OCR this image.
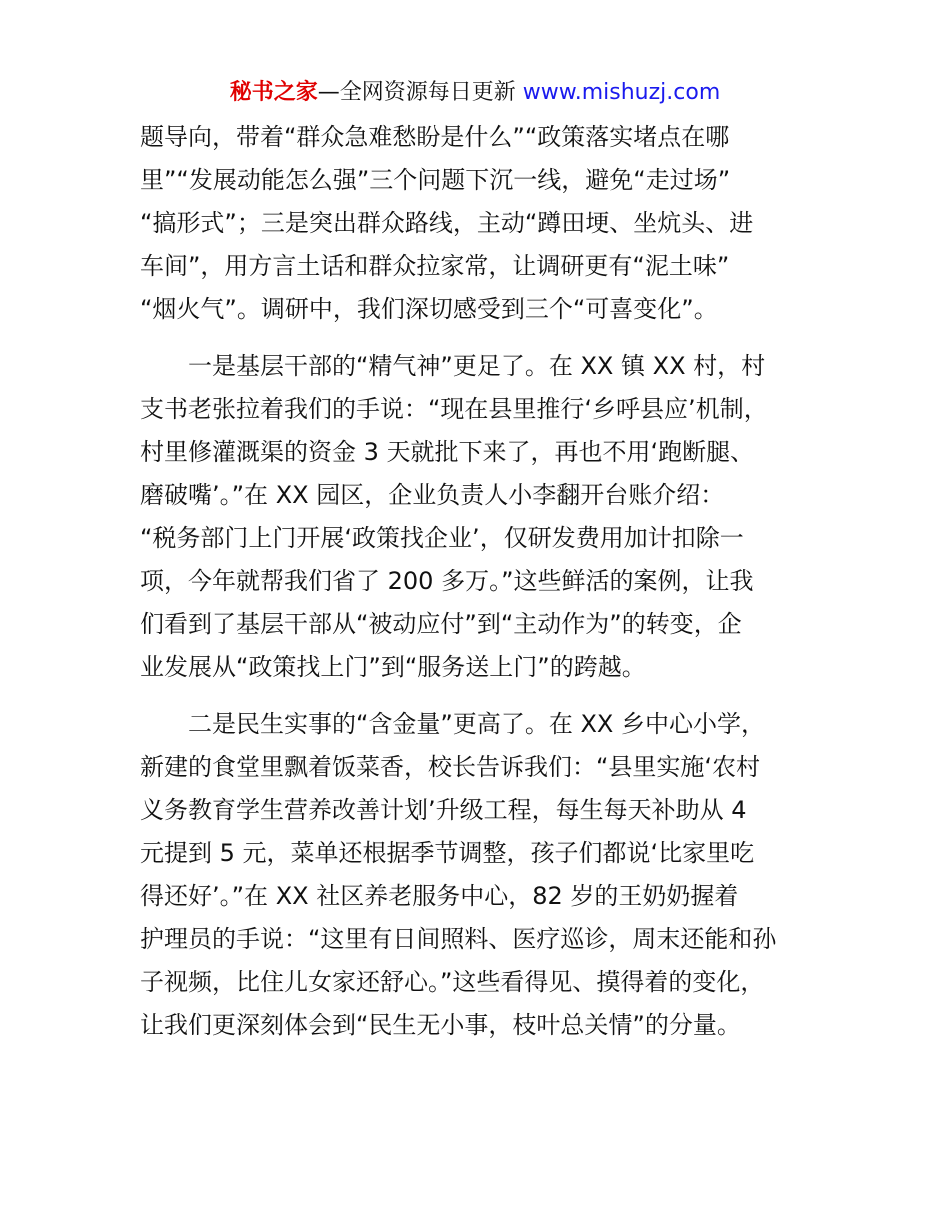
秘书之家—全网资源每日更新 www.mishuzj.com
题导向，带着“群众急难愁盼是什么”“政策落实堵点在哪
里”“发展动能怎么强”三个问题下沉一线，避免“走过场”
“搞形式”；三是突出群众路线，主动“蹲田埂、坐炕头、进
车间”，用方言土话和群众拉家常，让调研更有“泥土味”
“烟火气”。调研中，我们深切感受到三个“可喜变化”。
　　一是基层干部的“精气神”更足了。在 XX 镇 XX 村，村
支书老张拉着我们的手说：“现在县里推行‘乡呼县应’机制，
村里修灌溉渠的资金 3 天就批下来了，再也不用‘跑断腿、
磨破嘴’。”在 XX 园区，企业负责人小李翻开台账介绍：
“税务部门上门开展‘政策找企业’，仅研发费用加计扣除一
项，今年就帮我们省了 200 多万。”这些鲜活的案例，让我
们看到了基层干部从“被动应付”到“主动作为”的转变，企
业发展从“政策找上门”到“服务送上门”的跨越。
　　二是民生实事的“含金量”更高了。在 XX 乡中心小学，
新建的食堂里飘着饭菜香，校长告诉我们：“县里实施‘农村
义务教育学生营养改善计划’升级工程，每生每天补助从 4
元提到 5 元，菜单还根据季节调整，孩子们都说‘比家里吃
得还好’。”在 XX 社区养老服务中心，82 岁的王奶奶握着
护理员的手说：“这里有日间照料、医疗巡诊，周末还能和孙
子视频，比住儿女家还舒心。”这些看得见、摸得着的变化，
让我们更深刻体会到“民生无小事，枝叶总关情”的分量。
